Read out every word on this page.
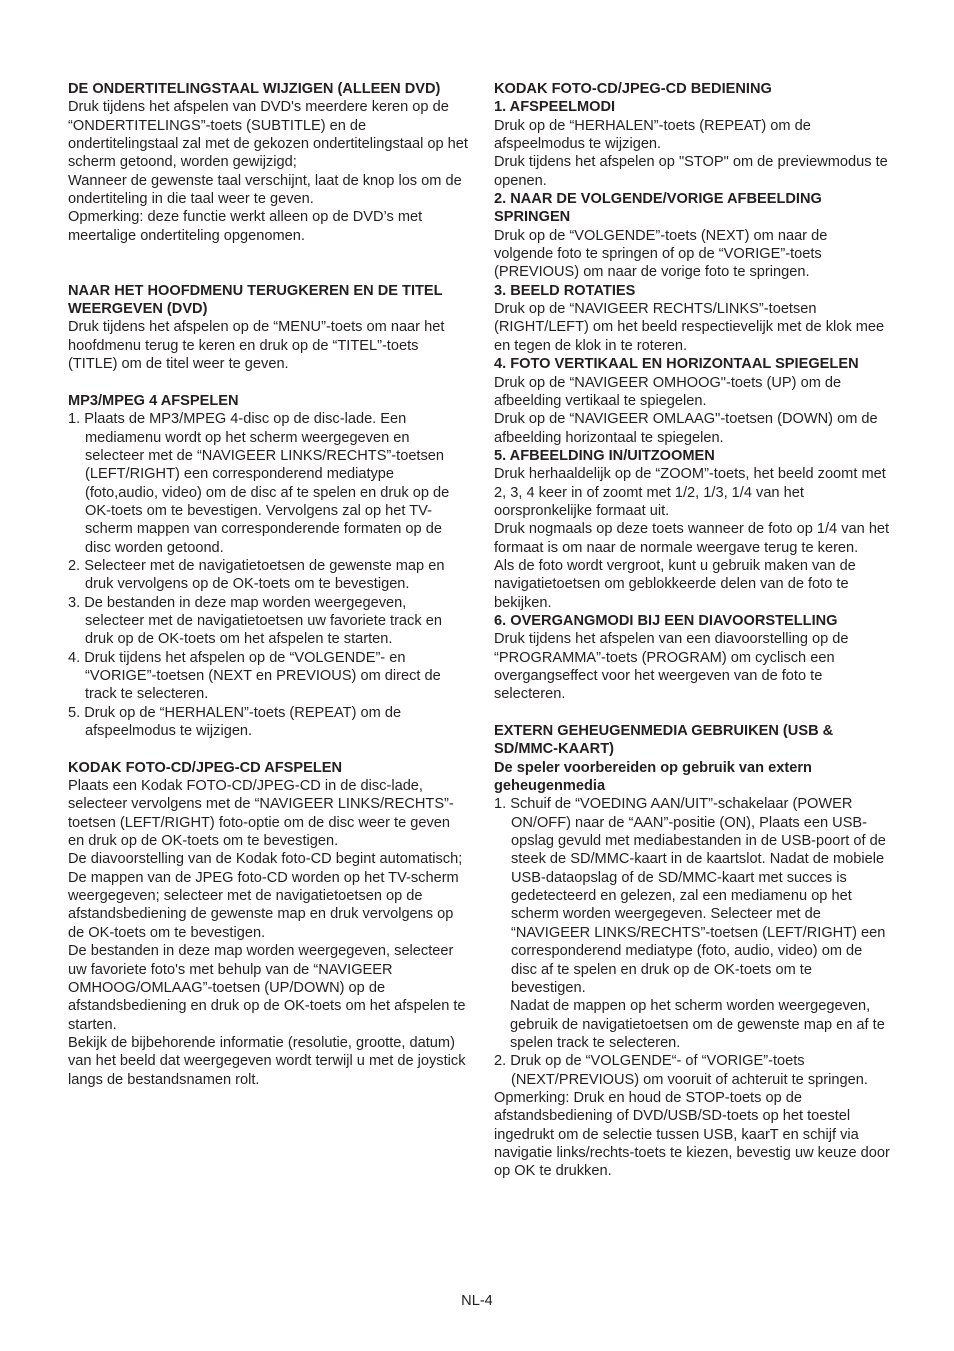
DE ONDERTITELINGSTAAL WIJZIGEN (ALLEEN DVD)

Druk tijdens het afspelen van DVD's meerdere keren op de “ONDERTITELINGS”-toets (SUBTITLE) en de ondertitelingstaal zal met de gekozen ondertitelingstaal op het scherm getoond, worden gewijzigd;

Wanneer de gewenste taal verschijnt, laat de knop los om de ondertiteling in die taal weer te geven.

Opmerking: deze functie werkt alleen op de DVD’s met meertalige ondertiteling opgenomen.

NAAR HET HOOFDMENU TERUGKEREN EN DE TITEL WEERGEVEN (DVD)

Druk tijdens het afspelen op de “MENU”-toets om naar het hoofdmenu terug te keren en druk op de “TITEL”-toets (TITLE) om de titel weer te geven.

MP3/MPEG 4 AFSPELEN

1. Plaats de MP3/MPEG 4-disc op de disc-lade. Een mediamenu wordt op het scherm weergegeven en selecteer met de “NAVIGEER LINKS/RECHTS”-toetsen (LEFT/RIGHT) een corresponderend mediatype (foto,audio, video) om de disc af te spelen en druk op de OK-toets om te bevestigen. Vervolgens zal op het TV-scherm mappen van corresponderende formaten op de disc worden getoond.

2. Selecteer met de navigatietoetsen de gewenste map en druk vervolgens op de OK-toets om te bevestigen.

3. De bestanden in deze map worden weergegeven, selecteer met de navigatietoetsen uw favoriete track en druk op de OK-toets om het afspelen te starten.

4. Druk tijdens het afspelen op de “VOLGENDE”- en “VORIGE”-toetsen (NEXT en PREVIOUS) om direct de track te selecteren.

5. Druk op de “HERHALEN”-toets (REPEAT) om de afspeelmodus te wijzigen.

KODAK FOTO-CD/JPEG-CD AFSPELEN

Plaats een Kodak FOTO-CD/JPEG-CD in de disc-lade, selecteer vervolgens met de “NAVIGEER LINKS/RECHTS”-toetsen (LEFT/RIGHT) foto-optie om de disc weer te geven en druk op de OK-toets om te bevestigen.

De diavoorstelling van de Kodak foto-CD begint automatisch;

De mappen van de JPEG foto-CD worden op het TV-scherm weergegeven; selecteer met de navigatietoetsen op de afstandsbediening de gewenste map en druk vervolgens op de OK-toets om te bevestigen.

De bestanden in deze map worden weergegeven, selecteer uw favoriete foto's met behulp van de “NAVIGEER OMHOOG/OMLAAG”-toetsen (UP/DOWN) op de afstandsbediening en druk op de OK-toets om het afspelen te starten.

Bekijk de bijbehorende informatie (resolutie, grootte, datum) van het beeld dat weergegeven wordt terwijl u met de joystick langs de bestandsnamen rolt.

KODAK FOTO-CD/JPEG-CD BEDIENING

1. AFSPEELMODI

Druk op de “HERHALEN”-toets (REPEAT) om de afspeelmodus te wijzigen.

Druk tijdens het afspelen op "STOP" om de previewmodus te openen.

2. NAAR DE VOLGENDE/VORIGE AFBEELDING SPRINGEN

Druk op de “VOLGENDE”-toets (NEXT) om naar de volgende foto te springen of op de “VORIGE”-toets (PREVIOUS) om naar de vorige foto te springen.

3. BEELD ROTATIES

Druk op de “NAVIGEER RECHTS/LINKS”-toetsen (RIGHT/LEFT) om het beeld respectievelijk met de klok mee en tegen de klok in te roteren.

4. FOTO VERTIKAAL EN HORIZONTAAL SPIEGELEN

Druk op de “NAVIGEER OMHOOG"-toets (UP) om de afbeelding vertikaal te spiegelen.

Druk op de “NAVIGEER OMLAAG"-toetsen (DOWN) om de afbeelding horizontaal te spiegelen.

5. AFBEELDING IN/UITZOOMEN

Druk herhaaldelijk op de “ZOOM”-toets, het beeld zoomt met 2, 3, 4 keer in of zoomt met 1/2, 1/3, 1/4 van het oorspronkelijke formaat uit.

Druk nogmaals op deze toets wanneer de foto op 1/4 van het formaat is om naar de normale weergave terug te keren.

Als de foto wordt vergroot, kunt u gebruik maken van de navigatietoetsen om geblokkeerde delen van de foto te bekijken.

6. OVERGANGMODI BIJ EEN DIAVOORSTELLING

Druk tijdens het afspelen van een diavoorstelling op de “PROGRAMMA”-toets (PROGRAM) om cyclisch een overgangseffect voor het weergeven van de foto te selecteren.

EXTERN GEHEUGENMEDIA GEBRUIKEN (USB & SD/MMC-KAART)

De speler voorbereiden op gebruik van extern geheugenmedia

1. Schuif de “VOEDING AAN/UIT”-schakelaar (POWER ON/OFF) naar de “AAN”-positie (ON), Plaats een USB-opslag gevuld met mediabestanden in de USB-poort of de steek de SD/MMC-kaart in de kaartslot. Nadat de mobiele USB-dataopslag of de SD/MMC-kaart met succes is gedetecteerd en gelezen, zal een mediamenu op het scherm worden weergegeven. Selecteer met de “NAVIGEER LINKS/RECHTS”-toetsen (LEFT/RIGHT) een corresponderend mediatype (foto, audio, video) om de disc af te spelen en druk op de OK-toets om te bevestigen.

Nadat de mappen op het scherm worden weergegeven, gebruik de navigatietoetsen om de gewenste map en af te spelen track te selecteren.

2. Druk op de “VOLGENDE“- of “VORIGE”-toets (NEXT/PREVIOUS) om vooruit of achteruit te springen.

Opmerking: Druk en houd de STOP-toets op de afstandsbediening of DVD/USB/SD-toets op het toestel ingedrukt om de selectie tussen USB, kaarT en schijf via navigatie links/rechts-toets te kiezen, bevestig uw keuze door op OK te drukken.

NL-4
